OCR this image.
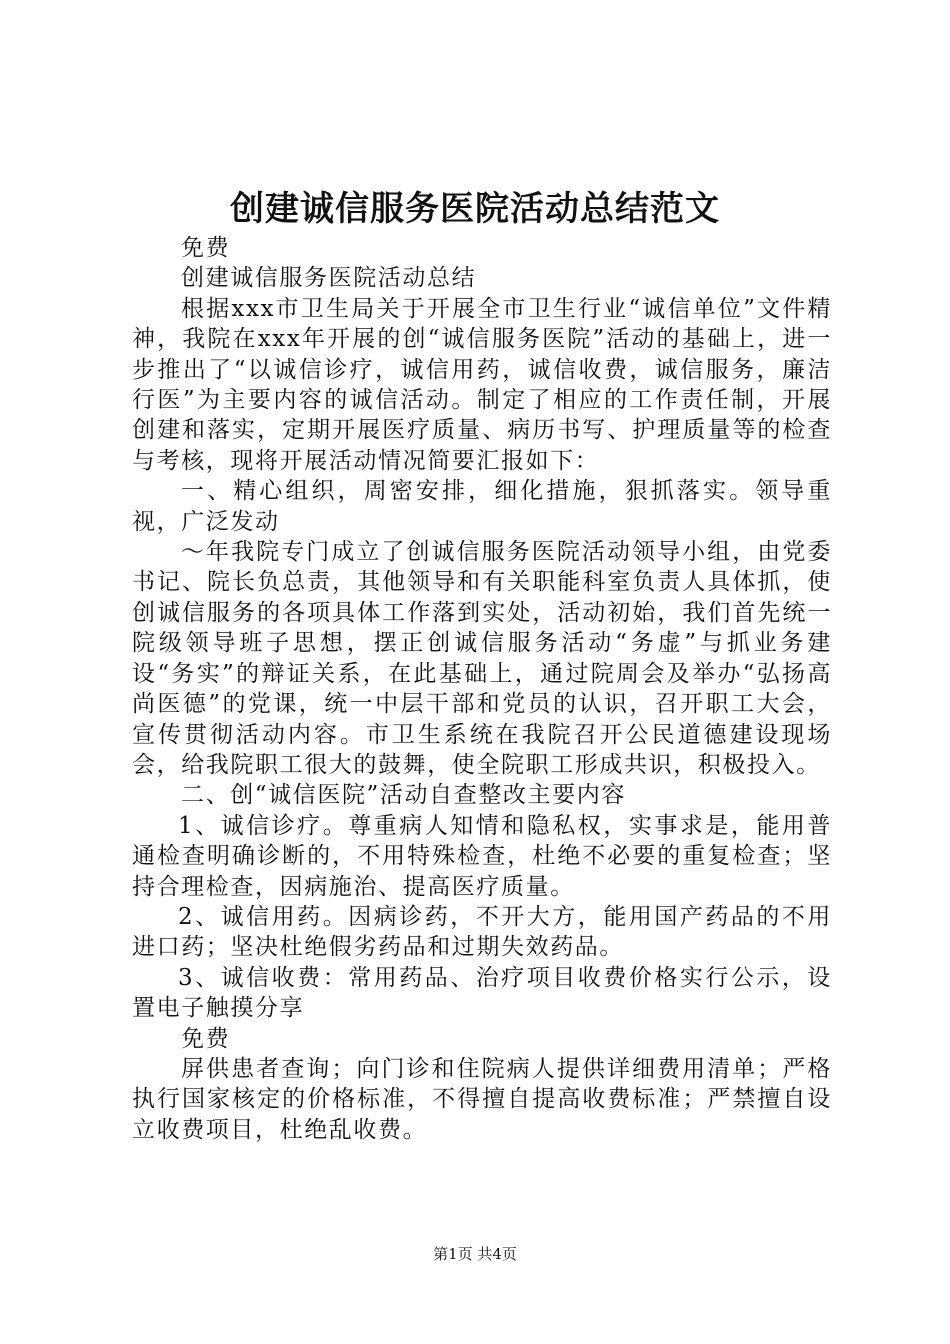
创建诚信服务医院活动总结范文

免费

创建诚信服务医院活动总结

根据xxx市卫生局关于开展全市卫生行业“诚信单位”文件精神，我院在xxx年开展的创“诚信服务医院”活动的基础上，进一步推出了“以诚信诊疗，诚信用药，诚信收费，诚信服务，廉洁行医”为主要内容的诚信活动。制定了相应的工作责任制，开展创建和落实，定期开展医疗质量、病历书写、护理质量等的检查与考核，现将开展活动情况简要汇报如下：

一、精心组织，周密安排，细化措施，狠抓落实。领导重视，广泛发动

～年我院专门成立了创诚信服务医院活动领导小组，由党委书记、院长负总责，其他领导和有关职能科室负责人具体抓，使创诚信服务的各项具体工作落到实处，活动初始，我们首先统一院级领导班子思想，摆正创诚信服务活动“务虚”与抓业务建设“务实”的辩证关系，在此基础上，通过院周会及举办“弘扬高尚医德”的党课，统一中层干部和党员的认识，召开职工大会，宣传贯彻活动内容。市卫生系统在我院召开公民道德建设现场会，给我院职工很大的鼓舞，使全院职工形成共识，积极投入。

二、创“诚信医院”活动自查整改主要内容

1、诚信诊疗。尊重病人知情和隐私权，实事求是，能用普通检查明确诊断的，不用特殊检查，杜绝不必要的重复检查；坚持合理检查，因病施治、提高医疗质量。

2、诚信用药。因病诊药，不开大方，能用国产药品的不用进口药；坚决杜绝假劣药品和过期失效药品。

3、诚信收费：常用药品、治疗项目收费价格实行公示，设置电子触摸分享

免费

屏供患者查询；向门诊和住院病人提供详细费用清单；严格执行国家核定的价格标准，不得擅自提高收费标准；严禁擅自设立收费项目，杜绝乱收费。

第1页 共4页
